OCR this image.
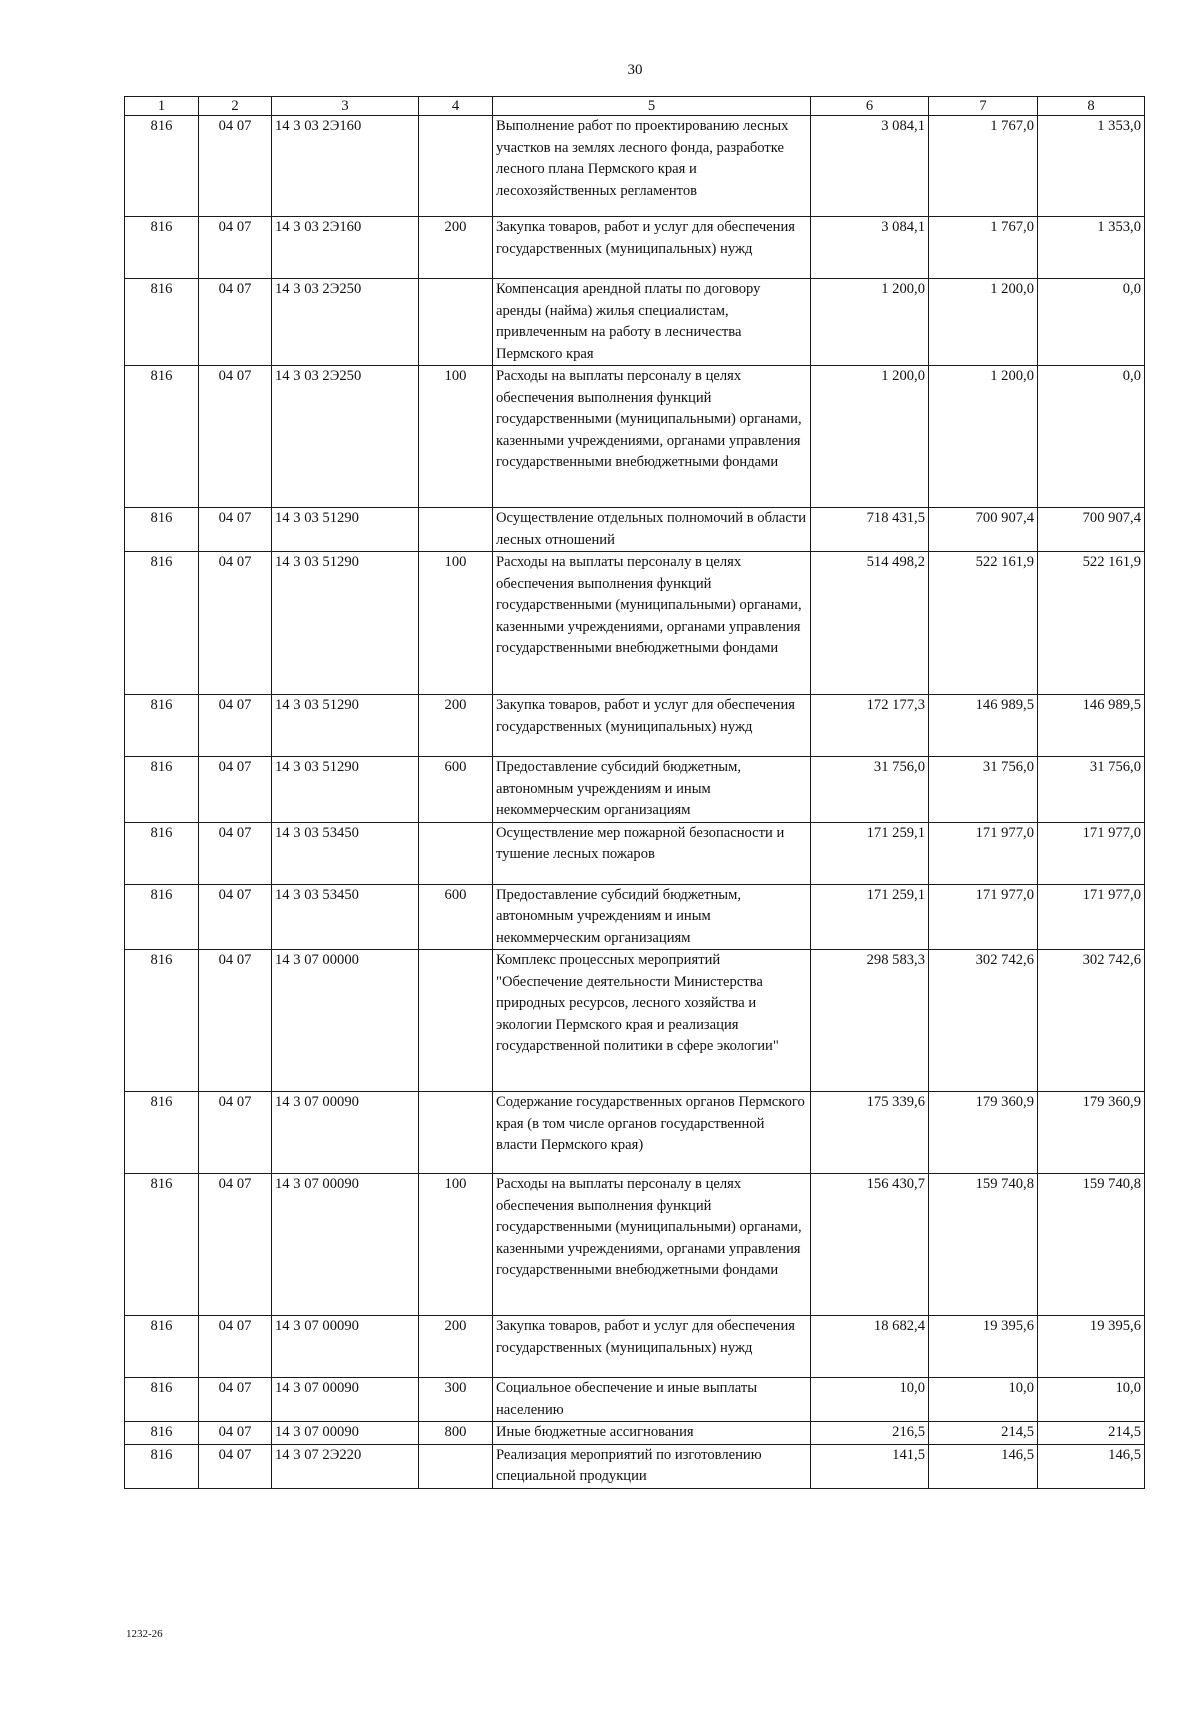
30
1	2	3	4	5	6	7	8
816	04 07	14 3 03 2Э160		Выполнение работ по проектированию лесных участков на землях лесного фонда, разработке лесного плана Пермского края и лесохозяйственных регламентов	3 084,1	1 767,0	1 353,0
816	04 07	14 3 03 2Э160	200	Закупка товаров, работ и услуг для обеспечения государственных (муниципальных) нужд	3 084,1	1 767,0	1 353,0
816	04 07	14 3 03 2Э250		Компенсация арендной платы по договору аренды (найма) жилья специалистам, привлеченным на работу в лесничества Пермского края	1 200,0	1 200,0	0,0
816	04 07	14 3 03 2Э250	100	Расходы на выплаты персоналу в целях обеспечения выполнения функций государственными (муниципальными) органами, казенными учреждениями, органами управления государственными внебюджетными фондами	1 200,0	1 200,0	0,0
816	04 07	14 3 03 51290		Осуществление отдельных полномочий в области лесных отношений	718 431,5	700 907,4	700 907,4
816	04 07	14 3 03 51290	100	Расходы на выплаты персоналу в целях обеспечения выполнения функций государственными (муниципальными) органами, казенными учреждениями, органами управления государственными внебюджетными фондами	514 498,2	522 161,9	522 161,9
816	04 07	14 3 03 51290	200	Закупка товаров, работ и услуг для обеспечения государственных (муниципальных) нужд	172 177,3	146 989,5	146 989,5
816	04 07	14 3 03 51290	600	Предоставление субсидий бюджетным, автономным учреждениям и иным некоммерческим организациям	31 756,0	31 756,0	31 756,0
816	04 07	14 3 03 53450		Осуществление мер пожарной безопасности и тушение лесных пожаров	171 259,1	171 977,0	171 977,0
816	04 07	14 3 03 53450	600	Предоставление субсидий бюджетным, автономным учреждениям и иным некоммерческим организациям	171 259,1	171 977,0	171 977,0
816	04 07	14 3 07 00000		Комплекс процессных мероприятий "Обеспечение деятельности Министерства природных ресурсов, лесного хозяйства и экологии Пермского края и реализация государственной политики в сфере экологии"	298 583,3	302 742,6	302 742,6
816	04 07	14 3 07 00090		Содержание государственных органов Пермского края (в том числе органов государственной власти Пермского края)	175 339,6	179 360,9	179 360,9
816	04 07	14 3 07 00090	100	Расходы на выплаты персоналу в целях обеспечения выполнения функций государственными (муниципальными) органами, казенными учреждениями, органами управления государственными внебюджетными фондами	156 430,7	159 740,8	159 740,8
816	04 07	14 3 07 00090	200	Закупка товаров, работ и услуг для обеспечения государственных (муниципальных) нужд	18 682,4	19 395,6	19 395,6
816	04 07	14 3 07 00090	300	Социальное обеспечение и иные выплаты населению	10,0	10,0	10,0
816	04 07	14 3 07 00090	800	Иные бюджетные ассигнования	216,5	214,5	214,5
816	04 07	14 3 07 2Э220		Реализация мероприятий по изготовлению специальной продукции	141,5	146,5	146,5
1232-26
